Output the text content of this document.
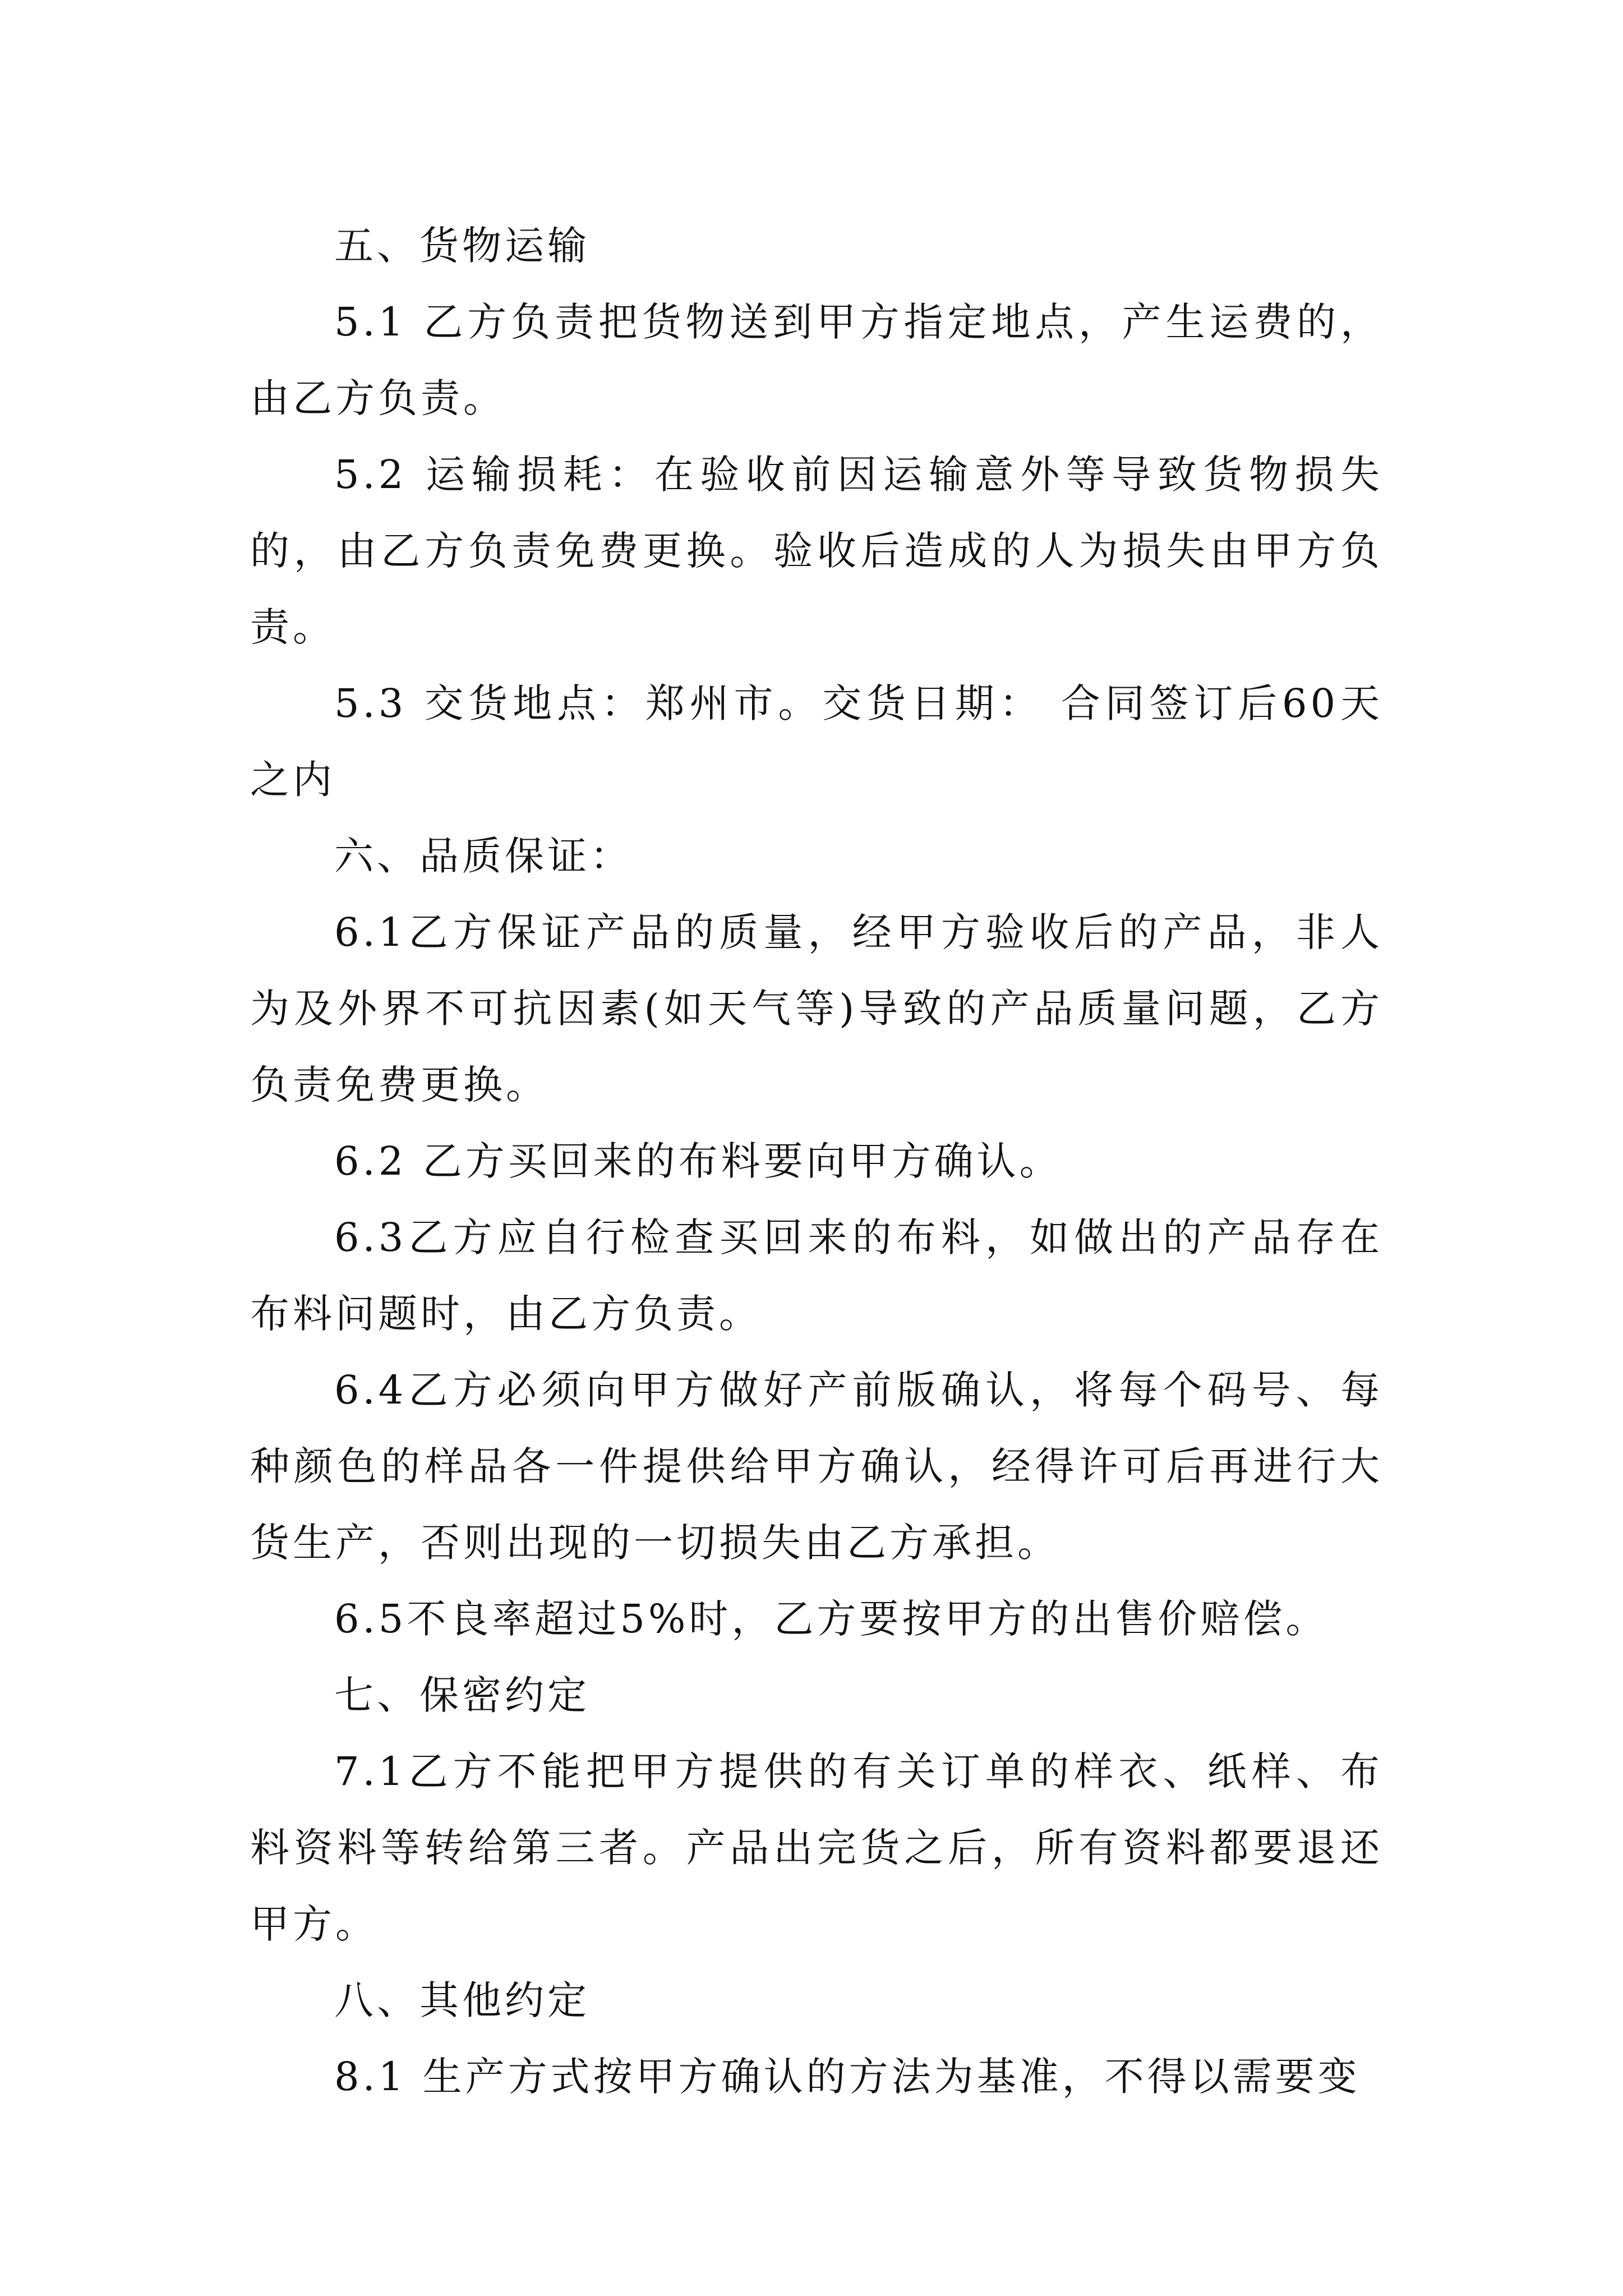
五、货物运输

5.1 乙方负责把货物送到甲方指定地点，产生运费的，由乙方负责。

5.2 运输损耗：在验收前因运输意外等导致货物损失的，由乙方负责免费更换。验收后造成的人为损失由甲方负责。

5.3 交货地点：郑州市。交货日期： 合同签订后60天之内

六、品质保证：

6.1乙方保证产品的质量，经甲方验收后的产品，非人为及外界不可抗因素(如天气等)导致的产品质量问题，乙方负责免费更换。

6.2 乙方买回来的布料要向甲方确认。

6.3乙方应自行检查买回来的布料，如做出的产品存在布料问题时，由乙方负责。

6.4乙方必须向甲方做好产前版确认，将每个码号、每种颜色的样品各一件提供给甲方确认，经得许可后再进行大货生产，否则出现的一切损失由乙方承担。

6.5不良率超过5%时，乙方要按甲方的出售价赔偿。

七、保密约定

7.1乙方不能把甲方提供的有关订单的样衣、纸样、布料资料等转给第三者。产品出完货之后，所有资料都要退还甲方。

八、其他约定

8.1 生产方式按甲方确认的方法为基准，不得以需要变
